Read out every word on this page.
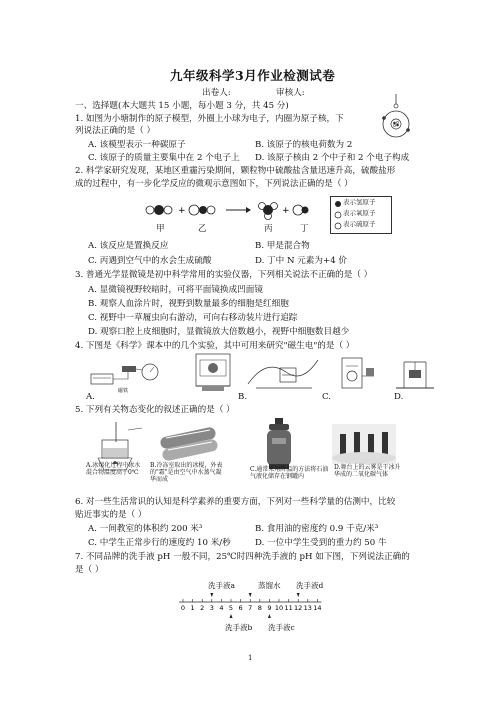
九年级科学3月作业检测试卷
出卷人:	审核人:
一、选择题(本大题共 15 小题，每小题 3 分，共 45 分)
1. 如图为小塘制作的原子模型，外圈上小球为电子，内圈为原子核，下
列说法正确的是（ ）
A. 该模型表示一种碳原子	B. 该原子的核电荷数为 2
C. 该原子的质量主要集中在 2 个电子上 D. 该原子核由 2 个中子和 2 个电子构成
2. 科学家研究发现，某地区重霾污染期间，颗粒物中硫酸盐含量迅速升高，硫酸盐形
成的过程中，有一步化学反应的微观示意图如下，下列说法正确的是（ ）
+	+
甲	乙	丙	丁
表示氢原子
表示氧原子
表示硫原子
A. 该反应是置换反应	B. 甲是混合物
C. 丙遇到空气中的水会生成硫酸	D. 丁中 N 元素为+4 价
3. 普通光学显微镜是初中科学常用的实验仪器，下列相关说法不正确的是（ ）
A. 显微镜视野较暗时，可将平面镜换成凹面镜
B. 观察人血涂片时，视野到数量最多的细胞是红细胞
C. 视野中一草履虫向右游动，可向右移动装片进行追踪
D. 观察口腔上皮细胞时，显微镜放大倍数越小，视野中细胞数目越少
4. 下图是《科学》课本中的几个实验，其中可用来研究"磁生电"的是（ ）
磁铁
A.	B.	C.	D.
5. 下列有关物态变化的叙述正确的是（ ）
A.冰熔化过程中冰水混合物温度高于0℃
B.冷冻室取出的冰棍，外表的"霜"是由空气中水蒸气凝华而成
C.通常采用降温的方法将石油气液化储存在钢罐内
D.舞台上的云雾是干冰升华成的二氧化碳气体
6. 对一些生活常识的认知是科学素养的重要方面，下列对一些科学量的估测中，比较
贴近事实的是（ ）
A. 一间教室的体积约 200 米³	B. 食用油的密度约 0.9 千克/米³
C. 中学生正常步行的速度约 10 米/秒	D. 一位中学生受到的重力约 50 牛
7. 不同品牌的洗手液 pH 一般不同，25℃时四种洗手液的 pH 如下图，下列说法正确的
是（ ）
洗手液a	蒸馏水 洗手液d
0 1 2 3 4 5 6 7 8 9 10 11 12 13 14
洗手液b 洗手液c
1
